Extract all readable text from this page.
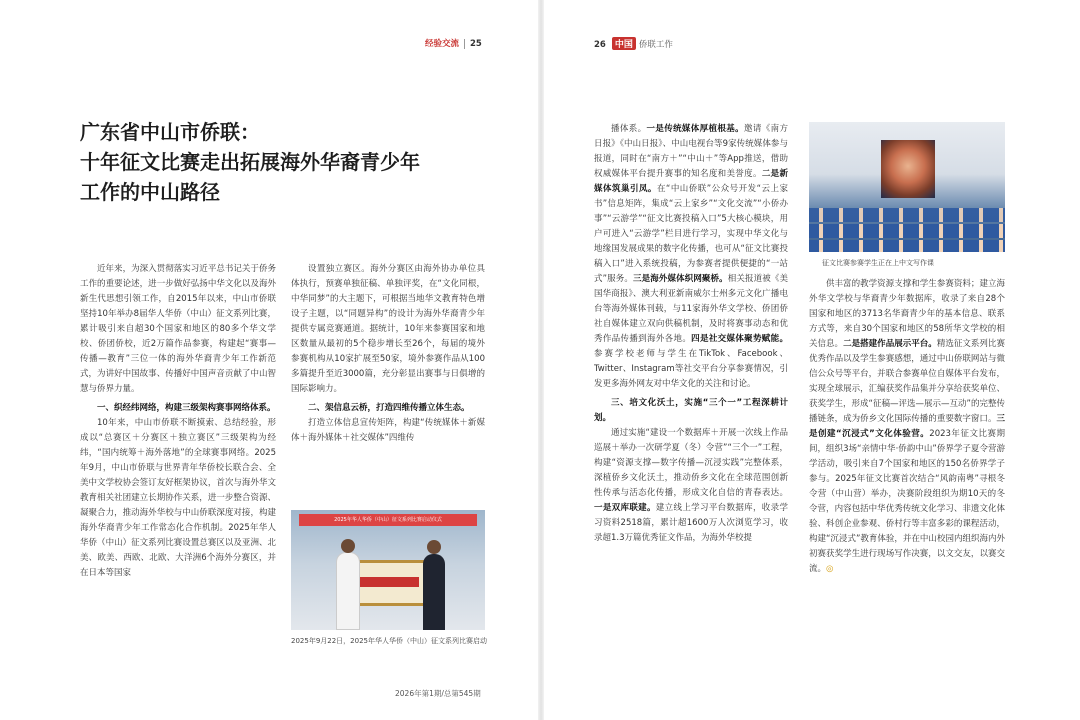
经验交流 25	26 中国 侨联工作
广东省中山市侨联：
十年征文比赛走出拓展海外华裔青少年
工作的中山路径

近年来，为深入贯彻落实习近平总书记关于侨务工作的重要论述，进一步做好弘扬中华文化以及海外新生代思想引领工作，自2015年以来，中山市侨联坚持10年举办8届华人华侨（中山）征文系列比赛，累计吸引来自超30个国家和地区的80多个华文学校、侨团侨校，近2万篇作品参赛，构建起“赛事—传播—教育”三位一体的海外华裔青少年工作新范式，为讲好中国故事、传播好中国声音贡献了中山智慧与侨界力量。

一、织经纬网络，构建三级架构赛事网络体系。

10年来，中山市侨联不断摸索、总结经验，形成以“总赛区＋分赛区＋独立赛区”三级架构为经纬，“国内统筹＋海外落地”的全球赛事网络。2025年9月，中山市侨联与世界青年华侨校长联合会、全美中文学校协会签订友好框架协议，首次与海外华文教育相关社团建立长期协作关系，进一步整合资源、凝聚合力，推动海外华校与中山侨联深度对接，构建海外华裔青少年工作常态化合作机制。2025年华人华侨（中山）征文系列比赛设置总赛区以及亚洲、北美、欧美、西欧、北欧、大洋洲6个海外分赛区，并在日本等国家

设置独立赛区。海外分赛区由海外协办单位具体执行，预赛单独征稿、单独评奖，在“文化同根，中华同梦”的大主题下，可根据当地华文教育特色增设子主题，以“同题异构”的设计为海外华裔青少年提供专属竞赛通道。据统计，10年来参赛国家和地区数量从最初的5个稳步增长至26个，每届的境外参赛机构从10家扩展至50家，境外参赛作品从100多篇提升至近3000篇，充分彰显出赛事与日俱增的国际影响力。

二、架信息云桥，打造四维传播立体生态。

打造立体信息宣传矩阵，构建“传统媒体＋新媒体＋海外媒体＋社交媒体”四维传

2025年华人华侨（中山）征文系列比赛启动仪式
2025年9月22日，2025年华人华侨（中山）征文系列比赛启动

播体系。一是传统媒体厚植根基。邀请《南方日报》《中山日报》、中山电视台等9家传统媒体参与报道，同时在“南方＋”“中山＋”等App推送，借助权威媒体平台提升赛事的知名度和美誉度。二是新媒体筑巢引凤。在“中山侨联”公众号开发“云上家书”信息矩阵，集成“云上家乡”“文化交流”“小侨办事”“云游学”“征文比赛投稿入口”5大核心模块，用户可进入“云游学”栏目进行学习，实现中华文化与地缘国发展成果的数字化传播，也可从“征文比赛投稿入口”进入系统投稿，为参赛者提供便捷的“一站式”服务。三是海外媒体织网聚桥。相关报道被《美国华商报》、澳大利亚新南威尔士州多元文化广播电台等海外媒体刊载，与11家海外华文学校、侨团侨社自媒体建立双向供稿机制，及时将赛事动态和优秀作品传播到海外各地。四是社交媒体聚势赋能。参赛学校老师与学生在TikTok、Facebook、Twitter、Instagram等社交平台分享参赛情况，引发更多海外网友对中华文化的关注和讨论。

三、培文化沃土，实施“三个一”工程深耕计划。

通过实施“建设一个数据库＋开展一次线上作品巡展＋举办一次研学夏（冬）令营”“三个一”工程，构建“资源支撑—数字传播—沉浸实践”完整体系，深植侨乡文化沃土，推动侨乡文化在全球范围创新性传承与活态化传播，形成文化自信的青春表达。一是双库联建。建立线上学习平台数据库，收录学习资料2518篇，累计超1600万人次浏览学习，收录超1.3万篇优秀征文作品，为海外华校提

征文比赛参赛学生正在上中文写作课

供丰富的教学资源支撑和学生参赛资料；建立海外华文学校与华裔青少年数据库，收录了来自28个国家和地区的3713名华裔青少年的基本信息、联系方式等，来自30个国家和地区的58所华文学校的相关信息。二是搭建作品展示平台。精选征文系列比赛优秀作品以及学生参赛感想，通过中山侨联网站与微信公众号等平台，并联合参赛单位自媒体平台发布，实现全球展示，汇编获奖作品集并分享给获奖单位、获奖学生，形成“征稿—评选—展示—互动”的完整传播链条，成为侨乡文化国际传播的重要数字窗口。三是创建“沉浸式”文化体验营。2023年征文比赛期间，组织3场“亲情中华·侨韵中山”侨界学子夏令营游学活动，吸引来自7个国家和地区的150名侨界学子参与。2025年征文比赛首次结合“风韵南粤”寻根冬令营（中山营）举办，决赛阶段组织为期10天的冬令营，内容包括中华优秀传统文化学习、非遗文化体验、科创企业参观、侨村行等丰富多彩的课程活动，构建“沉浸式”教育体验，并在中山校园内组织海内外初赛获奖学生进行现场写作决赛，以文交友，以赛交流。◎

2026年第1期/总第545期
